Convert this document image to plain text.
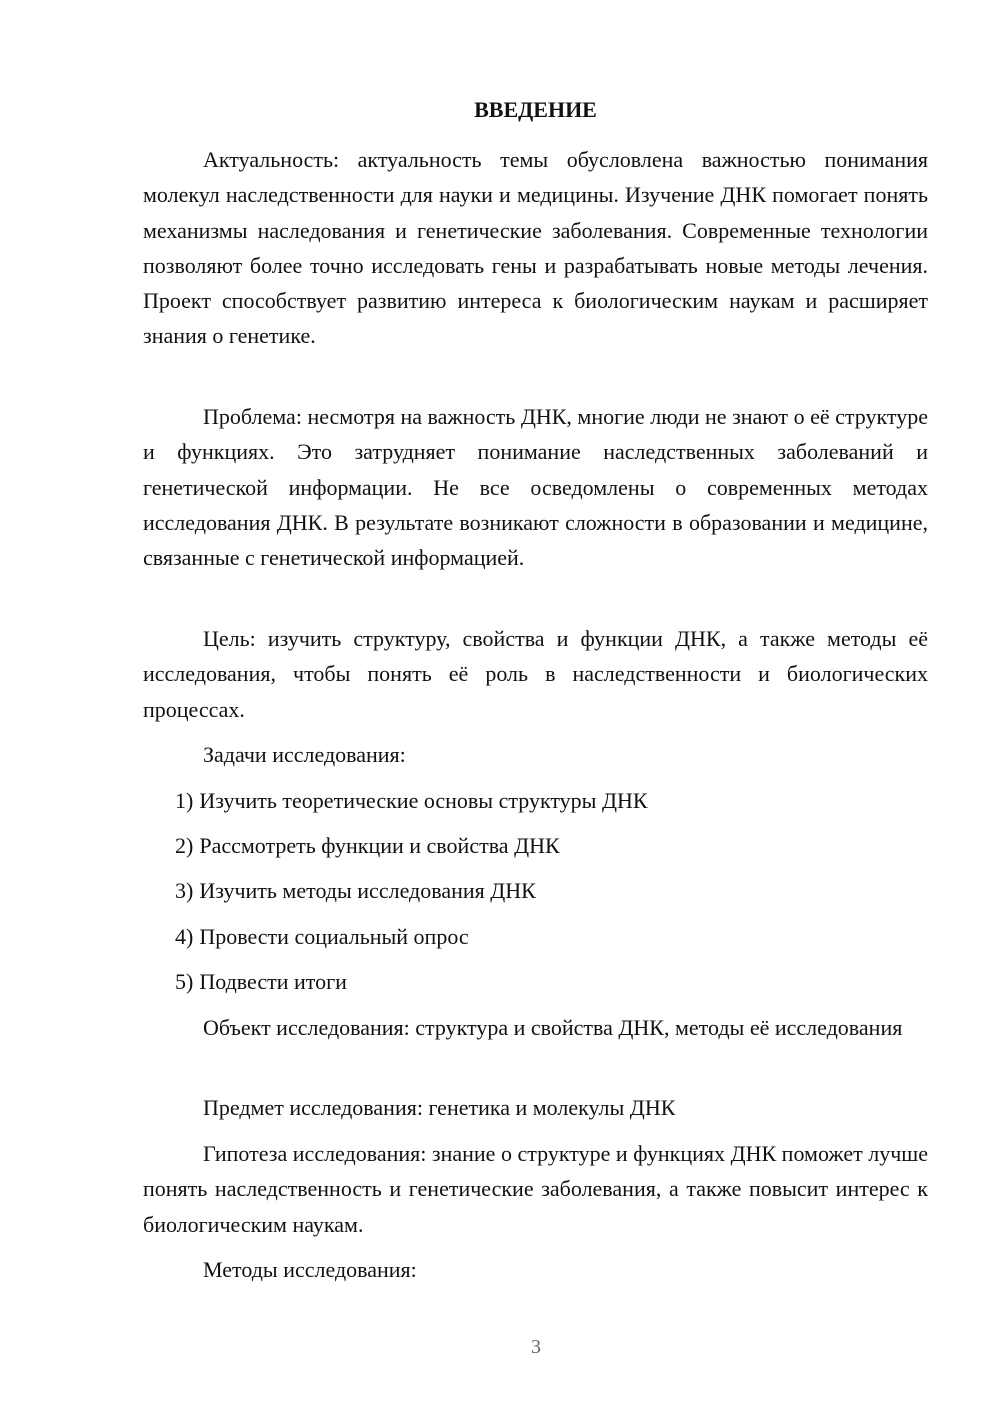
ВВЕДЕНИЕ
Актуальность: актуальность темы обусловлена важностью понимания молекул наследственности для науки и медицины. Изучение ДНК помогает понять механизмы наследования и генетические заболевания. Современные технологии позволяют более точно исследовать гены и разрабатывать новые методы лечения. Проект способствует развитию интереса к биологическим наукам и расширяет знания о генетике.
Проблема: несмотря на важность ДНК, многие люди не знают о её структуре и функциях. Это затрудняет понимание наследственных заболеваний и генетической информации. Не все осведомлены о современных методах исследования ДНК. В результате возникают сложности в образовании и медицине, связанные с генетической информацией.
Цель: изучить структуру, свойства и функции ДНК, а также методы её исследования, чтобы понять её роль в наследственности и биологических процессах.
Задачи исследования:
1) Изучить теоретические основы структуры ДНК
2) Рассмотреть функции и свойства ДНК
3) Изучить методы исследования ДНК
4) Провести социальный опрос
5) Подвести итоги
Объект исследования: структура и свойства ДНК, методы её исследования
Предмет исследования: генетика и молекулы ДНК
Гипотеза исследования: знание о структуре и функциях ДНК поможет лучше понять наследственность и генетические заболевания, а также повысит интерес к биологическим наукам.
Методы исследования:
3
